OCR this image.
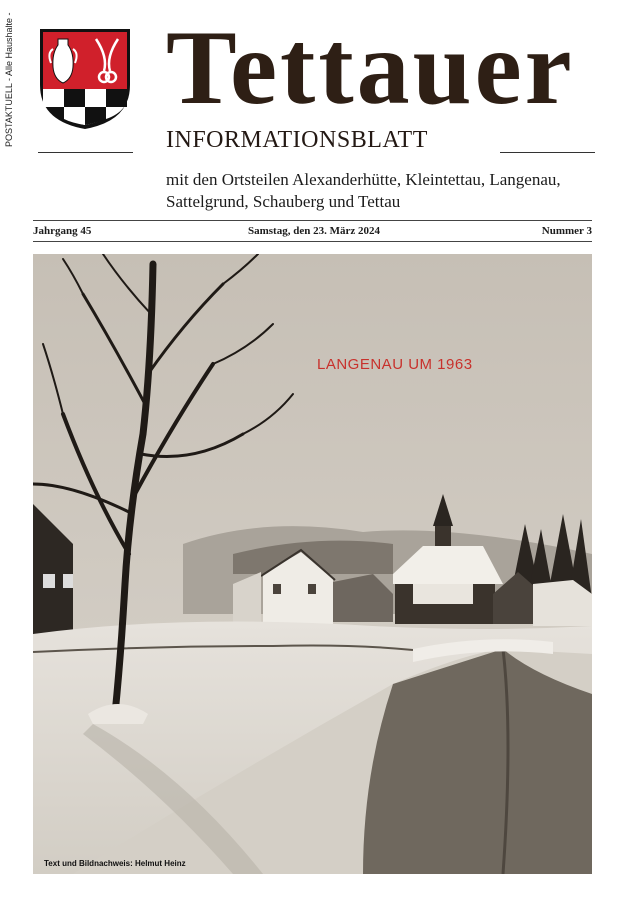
POSTAKTUELL - Alle Haushalte - Tettauer
INFORMATIONSBLATT
mit den Ortsteilen Alexanderhütte, Kleintettau, Langenau, Sattelgrund, Schauberg und Tettau
Jahrgang 45	Samstag, den 23. März 2024	Nummer 3
LANGENAU UM 1963
Text und Bildnachweis: Helmut Heinz
